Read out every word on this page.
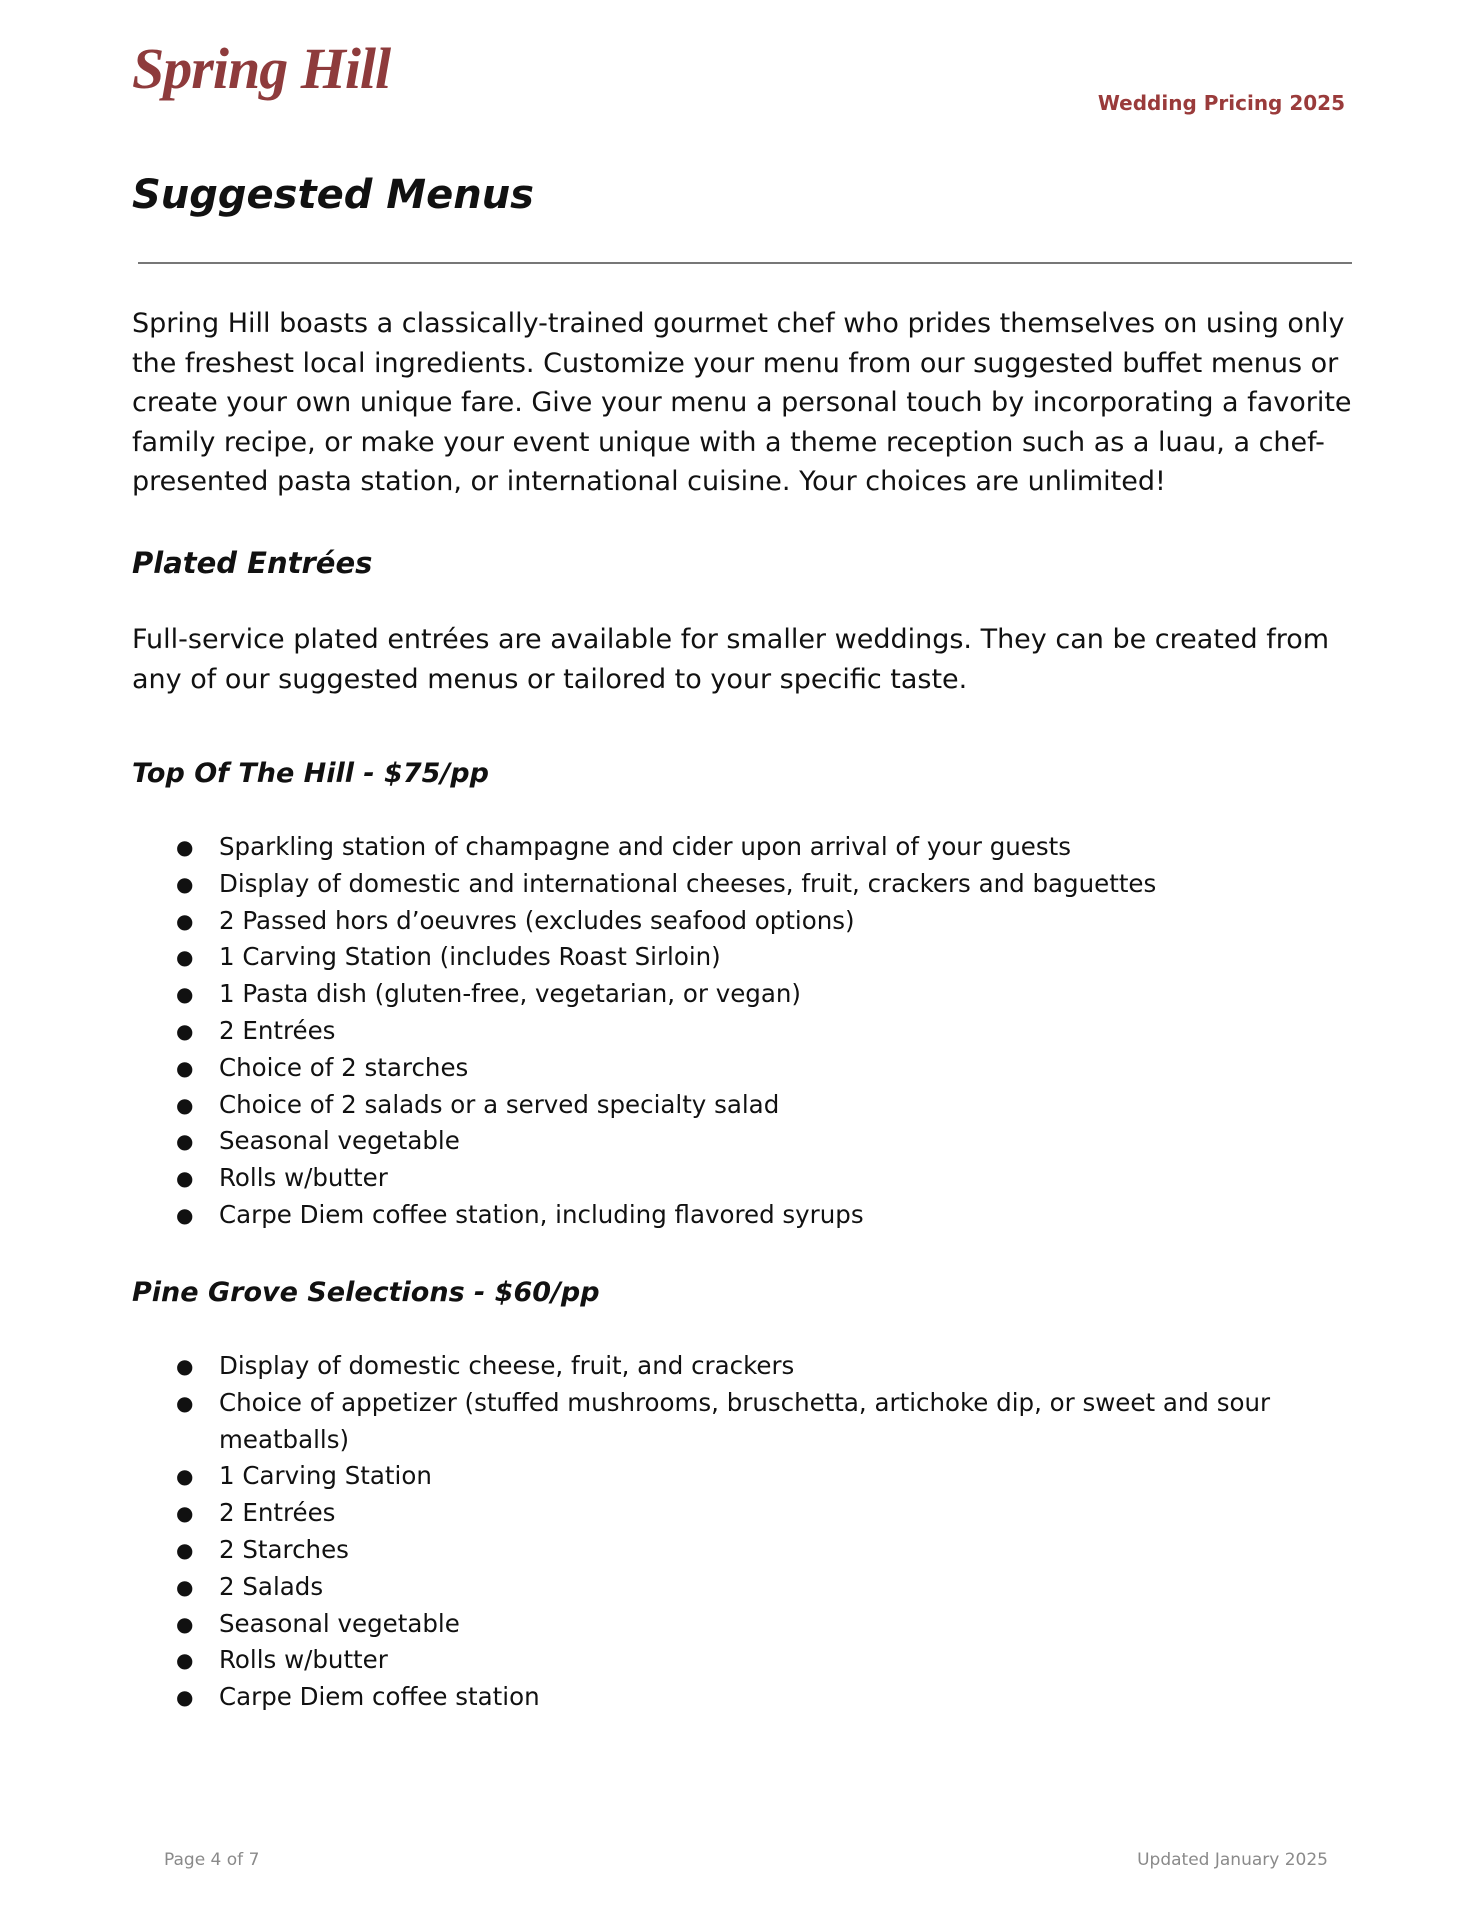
Spring Hill
Wedding Pricing 2025
Suggested Menus

Spring Hill boasts a classically-trained gourmet chef who prides themselves on using only the freshest local ingredients. Customize your menu from our suggested buffet menus or create your own unique fare. Give your menu a personal touch by incorporating a favorite family recipe, or make your event unique with a theme reception such as a luau, a chef-presented pasta station, or international cuisine. Your choices are unlimited!

Plated Entrées

Full-service plated entrées are available for smaller weddings. They can be created from any of our suggested menus or tailored to your specific taste.

Top Of The Hill - $75/pp
● Sparkling station of champagne and cider upon arrival of your guests
● Display of domestic and international cheeses, fruit, crackers and baguettes
● 2 Passed hors d’oeuvres (excludes seafood options)
● 1 Carving Station (includes Roast Sirloin)
● 1 Pasta dish (gluten-free, vegetarian, or vegan)
● 2 Entrées
● Choice of 2 starches
● Choice of 2 salads or a served specialty salad
● Seasonal vegetable
● Rolls w/butter
● Carpe Diem coffee station, including flavored syrups
Pine Grove Selections - $60/pp
● Display of domestic cheese, fruit, and crackers
● Choice of appetizer (stuffed mushrooms, bruschetta, artichoke dip, or sweet and sour meatballs)
● 1 Carving Station
● 2 Entrées
● 2 Starches
● 2 Salads
● Seasonal vegetable
● Rolls w/butter
● Carpe Diem coffee station
Page 4 of 7	Updated January 2025
